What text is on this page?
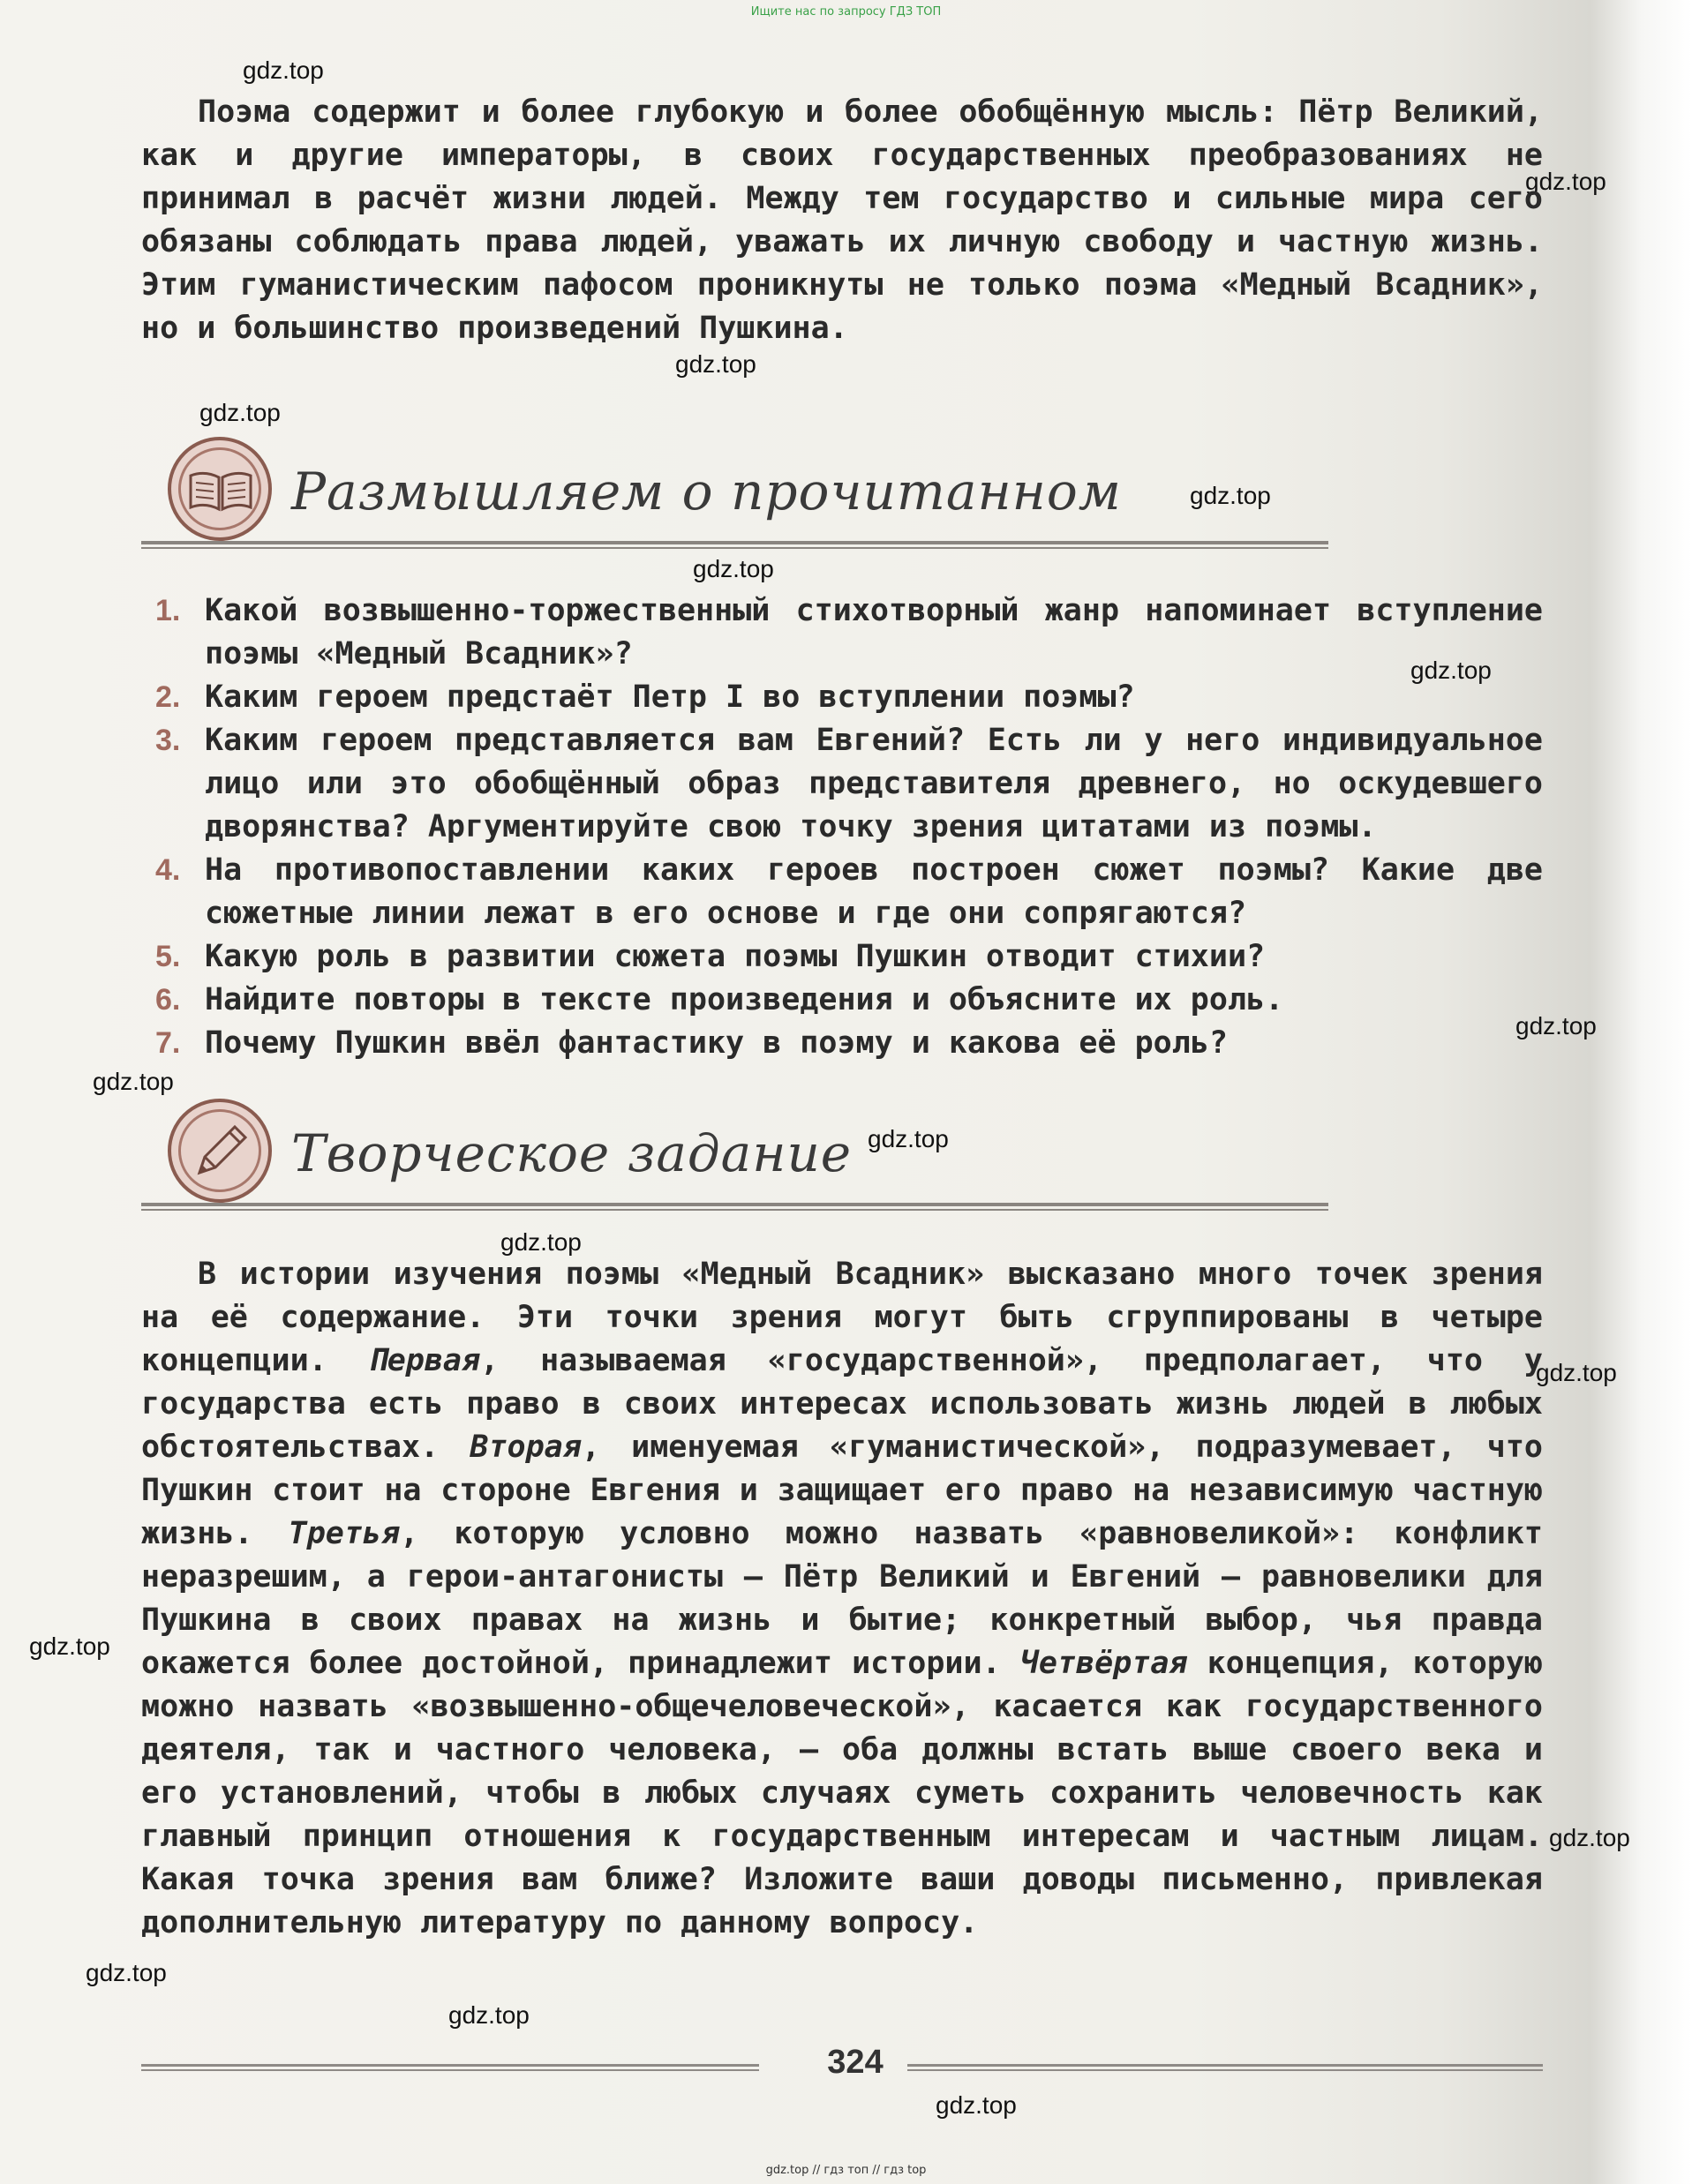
Ищите нас по запросу ГДЗ ТОП
gdz.top
gdz.top
gdz.top
gdz.top
gdz.top
gdz.top
gdz.top
gdz.top
gdz.top
gdz.top
gdz.top
gdz.top
gdz.top
gdz.top
gdz.top
gdz.top
gdz.top

Поэма содержит и более глубокую и более обобщённую мысль: Пётр Великий, как и другие императоры, в своих государственных преобразованиях не принимал в расчёт жизни людей. Между тем государство и сильные мира сего обязаны соблюдать права людей, уважать их личную свободу и частную жизнь. Этим гуманистическим пафосом проникнуты не только поэма «Медный Всадник», но и большинство произведений Пушкина.

Размышляем о прочитанном
1. Какой возвышенно-торжественный стихотворный жанр напоминает вступление поэмы «Медный Всадник»?
2. Каким героем предстаёт Петр I во вступлении поэмы?
3. Каким героем представляется вам Евгений? Есть ли у него индивидуальное лицо или это обобщённый образ представителя древнего, но оскудевшего дворянства? Аргументируйте свою точку зрения цитатами из поэмы.
4. На противопоставлении каких героев построен сюжет поэмы? Какие две сюжетные линии лежат в его основе и где они сопрягаются?
5. Какую роль в развитии сюжета поэмы Пушкин отводит стихии?
6. Найдите повторы в тексте произведения и объясните их роль.
7. Почему Пушкин ввёл фантастику в поэму и какова её роль?
Творческое задание

В истории изучения поэмы «Медный Всадник» высказано много точек зрения на её содержание. Эти точки зрения могут быть сгруппированы в четыре концепции. Первая, называемая «государственной», предполагает, что у государства есть право в своих интересах использовать жизнь людей в любых обстоятельствах. Вторая, именуемая «гуманистической», подразумевает, что Пушкин стоит на стороне Евгения и защищает его право на независимую частную жизнь. Третья, которую условно можно назвать «равновеликой»: конфликт неразрешим, а герои-антагонисты — Пётр Великий и Евгений — равновелики для Пушкина в своих правах на жизнь и бытие; конкретный выбор, чья правда окажется более достойной, принадлежит истории. Четвёртая концепция, которую можно назвать «возвышенно-общечеловеческой», касается как государственного деятеля, так и частного человека, — оба должны встать выше своего века и его установлений, чтобы в любых случаях суметь сохранить человечность как главный принцип отношения к государственным интересам и частным лицам. Какая точка зрения вам ближе? Изложите ваши доводы письменно, привлекая дополнительную литературу по данному вопросу.

324
gdz.top // гдз топ // гдз top
